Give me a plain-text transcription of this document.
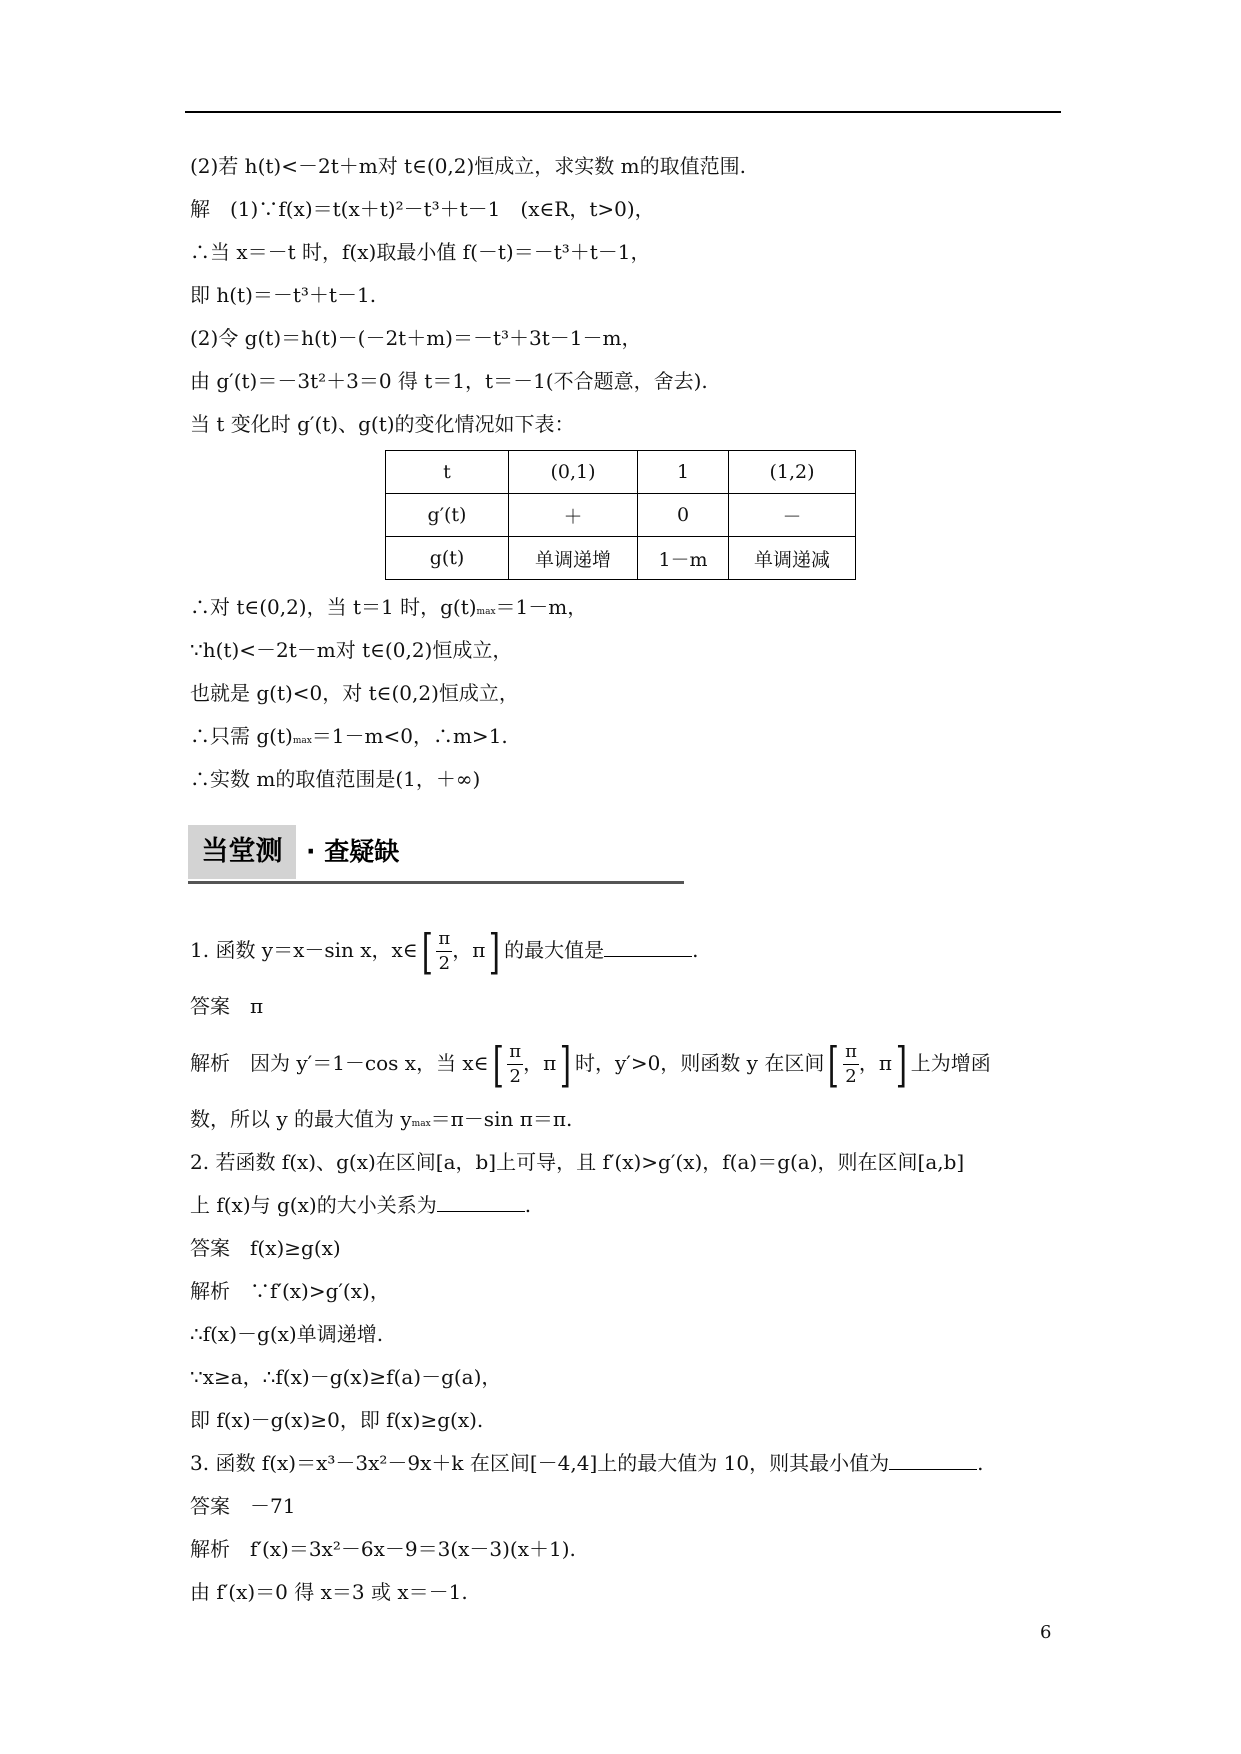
(2)若 h(t)<－2t＋m对 t∈(0,2)恒成立，求实数 m的取值范围.
解　(1)∵f(x)＝t(x＋t)²－t³＋t－1　(x∈R，t>0)，
∴当 x＝－t 时，f(x)取最小值 f(－t)＝－t³＋t－1，
即 h(t)＝－t³＋t－1.
(2)令 g(t)＝h(t)－(－2t＋m)＝－t³＋3t－1－m，
由 g′(t)＝－3t²＋3＝0 得 t＝1，t＝－1(不合题意，舍去).
当 t 变化时 g′(t)、g(t)的变化情况如下表：
t	(0,1)	1	(1,2)
g′(t)	＋	0	－
g(t)	单调递增	1－m	单调递减
∴对 t∈(0,2)，当 t＝1 时，g(t)max＝1－m，
∵h(t)<－2t－m对 t∈(0,2)恒成立，
也就是 g(t)<0，对 t∈(0,2)恒成立，
∴只需 g(t)max＝1－m<0，∴m>1.
∴实数 m的取值范围是(1，＋∞)
当堂测 · 查疑缺
1. 函数 y＝x－sin x，x∈[ $\frac{\pi}{2}$ ，π] 的最大值是	.
答案　π
解析　因为 y′＝1－cos x，当 x∈[ $\frac{\pi}{2}$ ，π] 时，y′>0，则函数 y 在区间[ $\frac{\pi}{2}$ ，π] 上为增函
数，所以 y 的最大值为 ymax＝π－sin π＝π.
2. 若函数 f(x)、g(x)在区间[a，b]上可导，且 f′(x)>g′(x)，f(a)＝g(a)，则在区间[a,b]
上 f(x)与 g(x)的大小关系为	.
答案　f(x)≥g(x)
解析　∵f′(x)>g′(x)，
∴f(x)－g(x)单调递增.
∵x≥a，∴f(x)－g(x)≥f(a)－g(a)，
即 f(x)－g(x)≥0，即 f(x)≥g(x).
3. 函数 f(x)＝x³－3x²－9x＋k 在区间[－4,4]上的最大值为 10，则其最小值为	.
答案　－71
解析　f′(x)＝3x²－6x－9＝3(x－3)(x＋1).
由 f′(x)＝0 得 x＝3 或 x＝－1.
6
